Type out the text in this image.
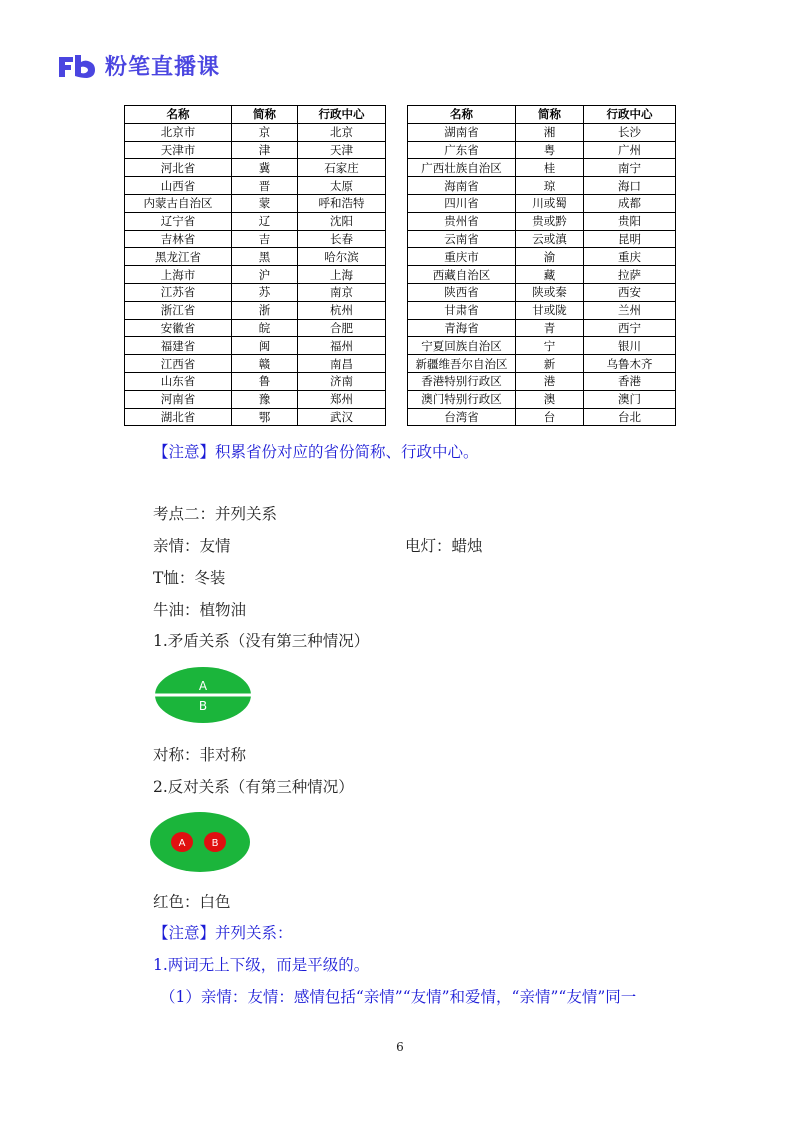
粉笔直播课
名称	简称	行政中心
北京市	京	北京
天津市	津	天津
河北省	冀	石家庄
山西省	晋	太原
内蒙古自治区	蒙	呼和浩特
辽宁省	辽	沈阳
吉林省	吉	长春
黑龙江省	黑	哈尔滨
上海市	沪	上海
江苏省	苏	南京
浙江省	浙	杭州
安徽省	皖	合肥
福建省	闽	福州
江西省	赣	南昌
山东省	鲁	济南
河南省	豫	郑州
湖北省	鄂	武汉
名称	简称	行政中心
湖南省	湘	长沙
广东省	粤	广州
广西壮族自治区	桂	南宁
海南省	琼	海口
四川省	川或蜀	成都
贵州省	贵或黔	贵阳
云南省	云或滇	昆明
重庆市	渝	重庆
西藏自治区	藏	拉萨
陕西省	陕或秦	西安
甘肃省	甘或陇	兰州
青海省	青	西宁
宁夏回族自治区	宁	银川
新疆维吾尔自治区	新	乌鲁木齐
香港特别行政区	港	香港
澳门特别行政区	澳	澳门
台湾省	台	台北
【注意】积累省份对应的省份简称、行政中心。
考点二：并列关系
亲情：友情	电灯：蜡烛
T恤：冬装
牛油：植物油
1.矛盾关系（没有第三种情况）
A
B
对称：非对称
2.反对关系（有第三种情况）
A	B
红色：白色
【注意】并列关系：
1.两词无上下级，而是平级的。
（1）亲情：友情：感情包括“亲情”“友情”和爱情，“亲情”“友情”同一
6
